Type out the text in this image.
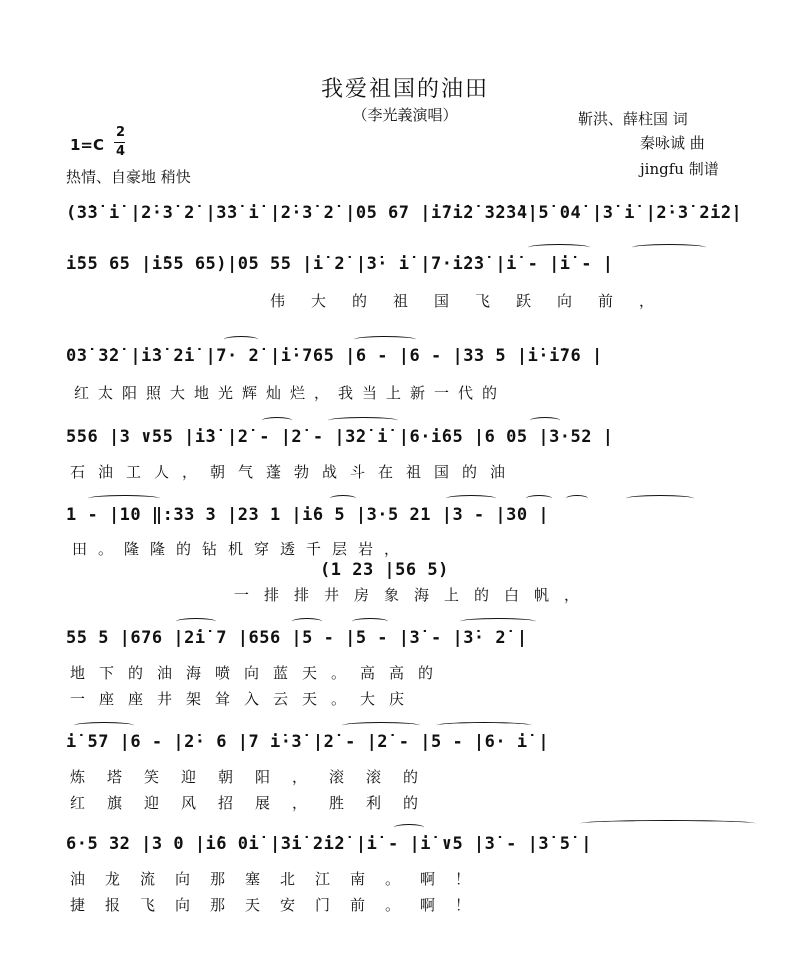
我爱祖国的油田
（李光義演唱）	靳洪、薛柱国 词
秦咏诚 曲
jingfu 制谱
1=C
2
4
热情、自豪地 稍快
(3̇3̇ i̇ |2̇·3̇ 2̇ |3̇3̇ i̇ |2̇·3̇ 2̇ |05 67 |i̇7i̇2̇ 3̇2̇3̇4̇|5̇ 04̇ |3̇ i̇ |2̇·3̇ 2̇i̇2̇|
i̇55 65 |i̇55 65)|05 55 |i̇ 2̇ |3̇· i̇ |7·i̇2̇3̇ |i̇ - |i̇ - |
伟大的祖国飞跃向前，
03̇ 3̇2̇ |i̇3̇ 2̇i̇ |7· 2̇ |i̇·765 |6 - |6 - |33 5 |i̇·i̇76 |
红太阳照大地光辉灿烂，我当上新一代的
556 |3 ∨55 |i̇3̇ |2̇ - |2̇ - |3̇2̇ i̇ |6·i̇65 |6 05 |3·52 |
石油工人，朝气蓬勃战斗在祖国的油
1 - |10 ‖:33 3 |23 1 |i̇6 5 |3·5 21 |3 - |30 |
田。隆隆的钻机穿透千层岩，
(1 23 |56 5)
一排排井房象海上的白帆，
55 5 |676 |2̇i̇ 7 |656 |5 - |5 - |3̇ - |3̇· 2̇ |
地下的油海喷向蓝天。高高的
一座座井架耸入云天。大庆
i̇ 57 |6 - |2̇· 6 |7 i̇·3̇ |2̇ - |2̇ - |5 - |6· i̇ |
炼塔笑迎朝阳，滚滚的
红旗迎风招展，胜利的
6·5 32 |3 0 |i̇6 0i̇ |3̇i̇ 2̇i̇2̇ |i̇ - |i̇ ∨5 |3̇ - |3̇ 5̇ |
油龙流向那塞北江南。啊！
捷报飞向那天安门前。啊！
